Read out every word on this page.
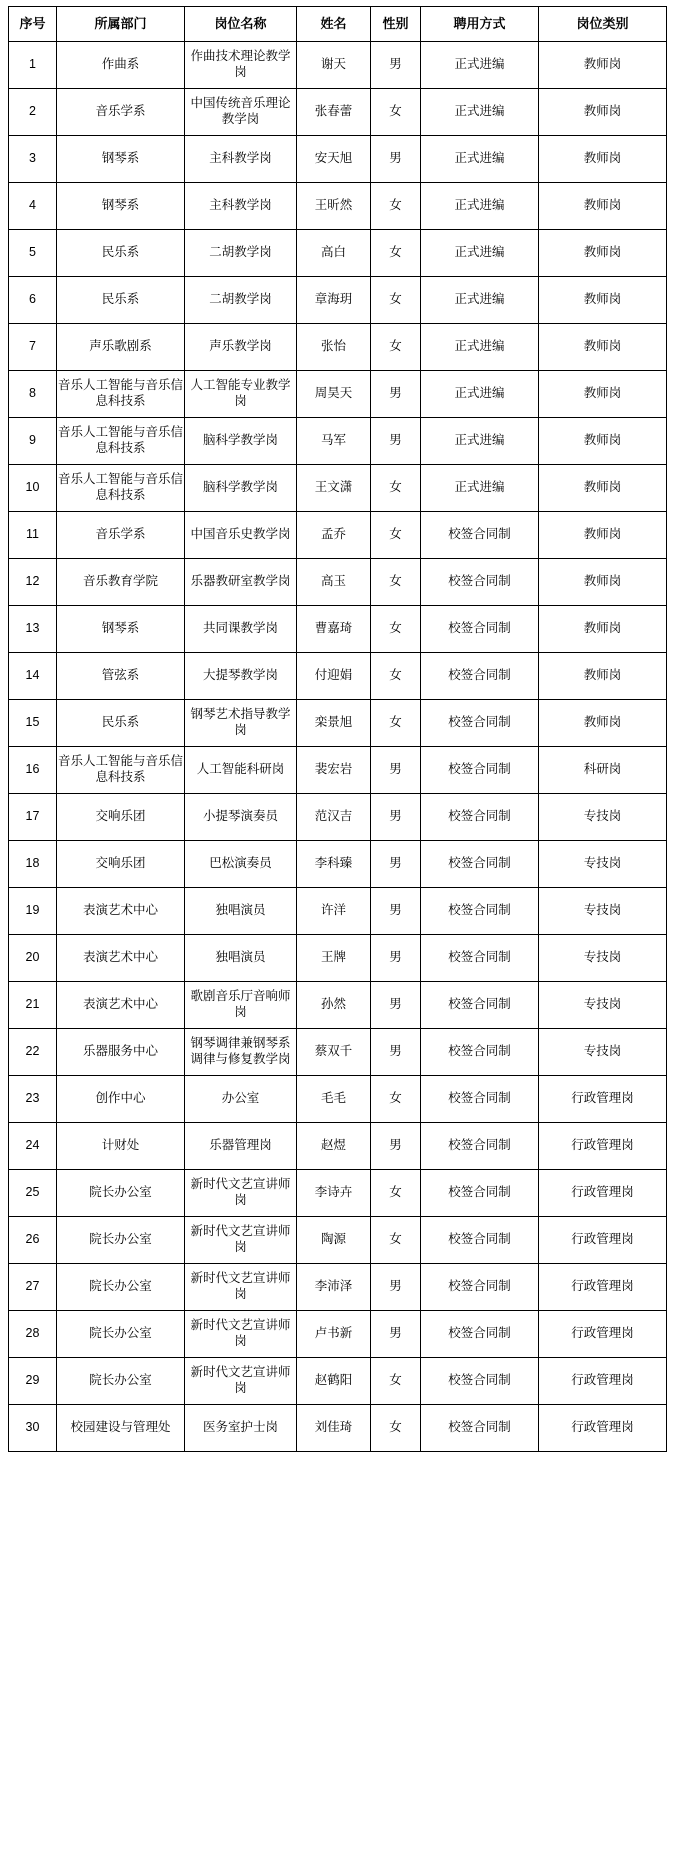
序号	所属部门	岗位名称	姓名	性别	聘用方式	岗位类别
1	作曲系	作曲技术理论教学岗	谢天	男	正式进编	教师岗
2	音乐学系	中国传统音乐理论教学岗	张春蕾	女	正式进编	教师岗
3	钢琴系	主科教学岗	安天旭	男	正式进编	教师岗
4	钢琴系	主科教学岗	王昕然	女	正式进编	教师岗
5	民乐系	二胡教学岗	高白	女	正式进编	教师岗
6	民乐系	二胡教学岗	章海玥	女	正式进编	教师岗
7	声乐歌剧系	声乐教学岗	张怡	女	正式进编	教师岗
8	音乐人工智能与音乐信息科技系	人工智能专业教学岗	周昊天	男	正式进编	教师岗
9	音乐人工智能与音乐信息科技系	脑科学教学岗	马军	男	正式进编	教师岗
10	音乐人工智能与音乐信息科技系	脑科学教学岗	王文潇	女	正式进编	教师岗
11	音乐学系	中国音乐史教学岗	孟乔	女	校签合同制	教师岗
12	音乐教育学院	乐器教研室教学岗	高玉	女	校签合同制	教师岗
13	钢琴系	共同课教学岗	曹嘉琦	女	校签合同制	教师岗
14	管弦系	大提琴教学岗	付迎娟	女	校签合同制	教师岗
15	民乐系	钢琴艺术指导教学岗	栾景旭	女	校签合同制	教师岗
16	音乐人工智能与音乐信息科技系	人工智能科研岗	裴宏岩	男	校签合同制	科研岗
17	交响乐团	小提琴演奏员	范汉吉	男	校签合同制	专技岗
18	交响乐团	巴松演奏员	李科臻	男	校签合同制	专技岗
19	表演艺术中心	独唱演员	许洋	男	校签合同制	专技岗
20	表演艺术中心	独唱演员	王牌	男	校签合同制	专技岗
21	表演艺术中心	歌剧音乐厅音响师岗	孙然	男	校签合同制	专技岗
22	乐器服务中心	钢琴调律兼钢琴系调律与修复教学岗	蔡双千	男	校签合同制	专技岗
23	创作中心	办公室	毛毛	女	校签合同制	行政管理岗
24	计财处	乐器管理岗	赵煜	男	校签合同制	行政管理岗
25	院长办公室	新时代文艺宣讲师岗	李诗卉	女	校签合同制	行政管理岗
26	院长办公室	新时代文艺宣讲师岗	陶源	女	校签合同制	行政管理岗
27	院长办公室	新时代文艺宣讲师岗	李沛泽	男	校签合同制	行政管理岗
28	院长办公室	新时代文艺宣讲师岗	卢书新	男	校签合同制	行政管理岗
29	院长办公室	新时代文艺宣讲师岗	赵鹤阳	女	校签合同制	行政管理岗
30	校园建设与管理处	医务室护士岗	刘佳琦	女	校签合同制	行政管理岗
